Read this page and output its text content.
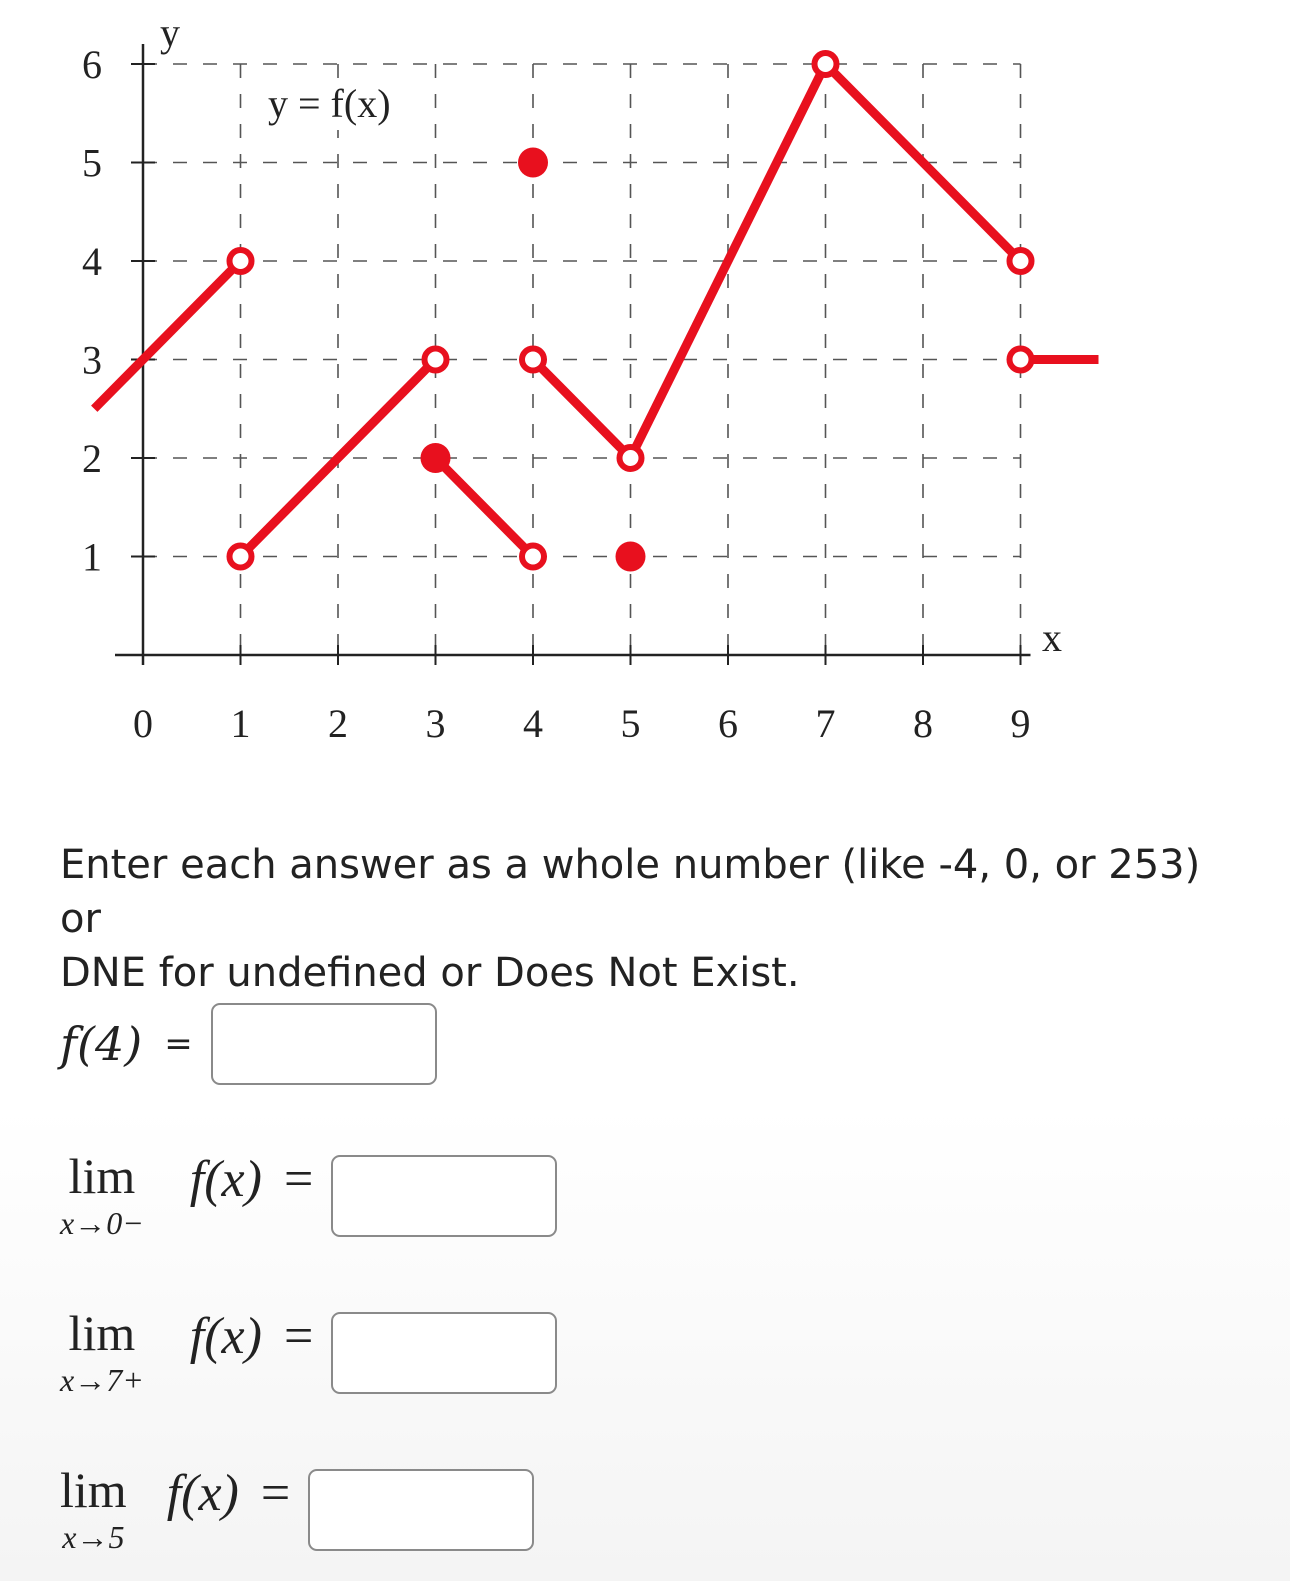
0 1 2 3 4 5 6 7 8 9
1
2
3
4
5
6
y
x
y = f(x)
Enter each answer as a whole number (like -4, 0, or 253) or
DNE for undefined or Does Not Exist.
f(4) =
lim
x→0−
f(x) =
lim
x→7+
f(x) =
lim
x→5
f(x) =
